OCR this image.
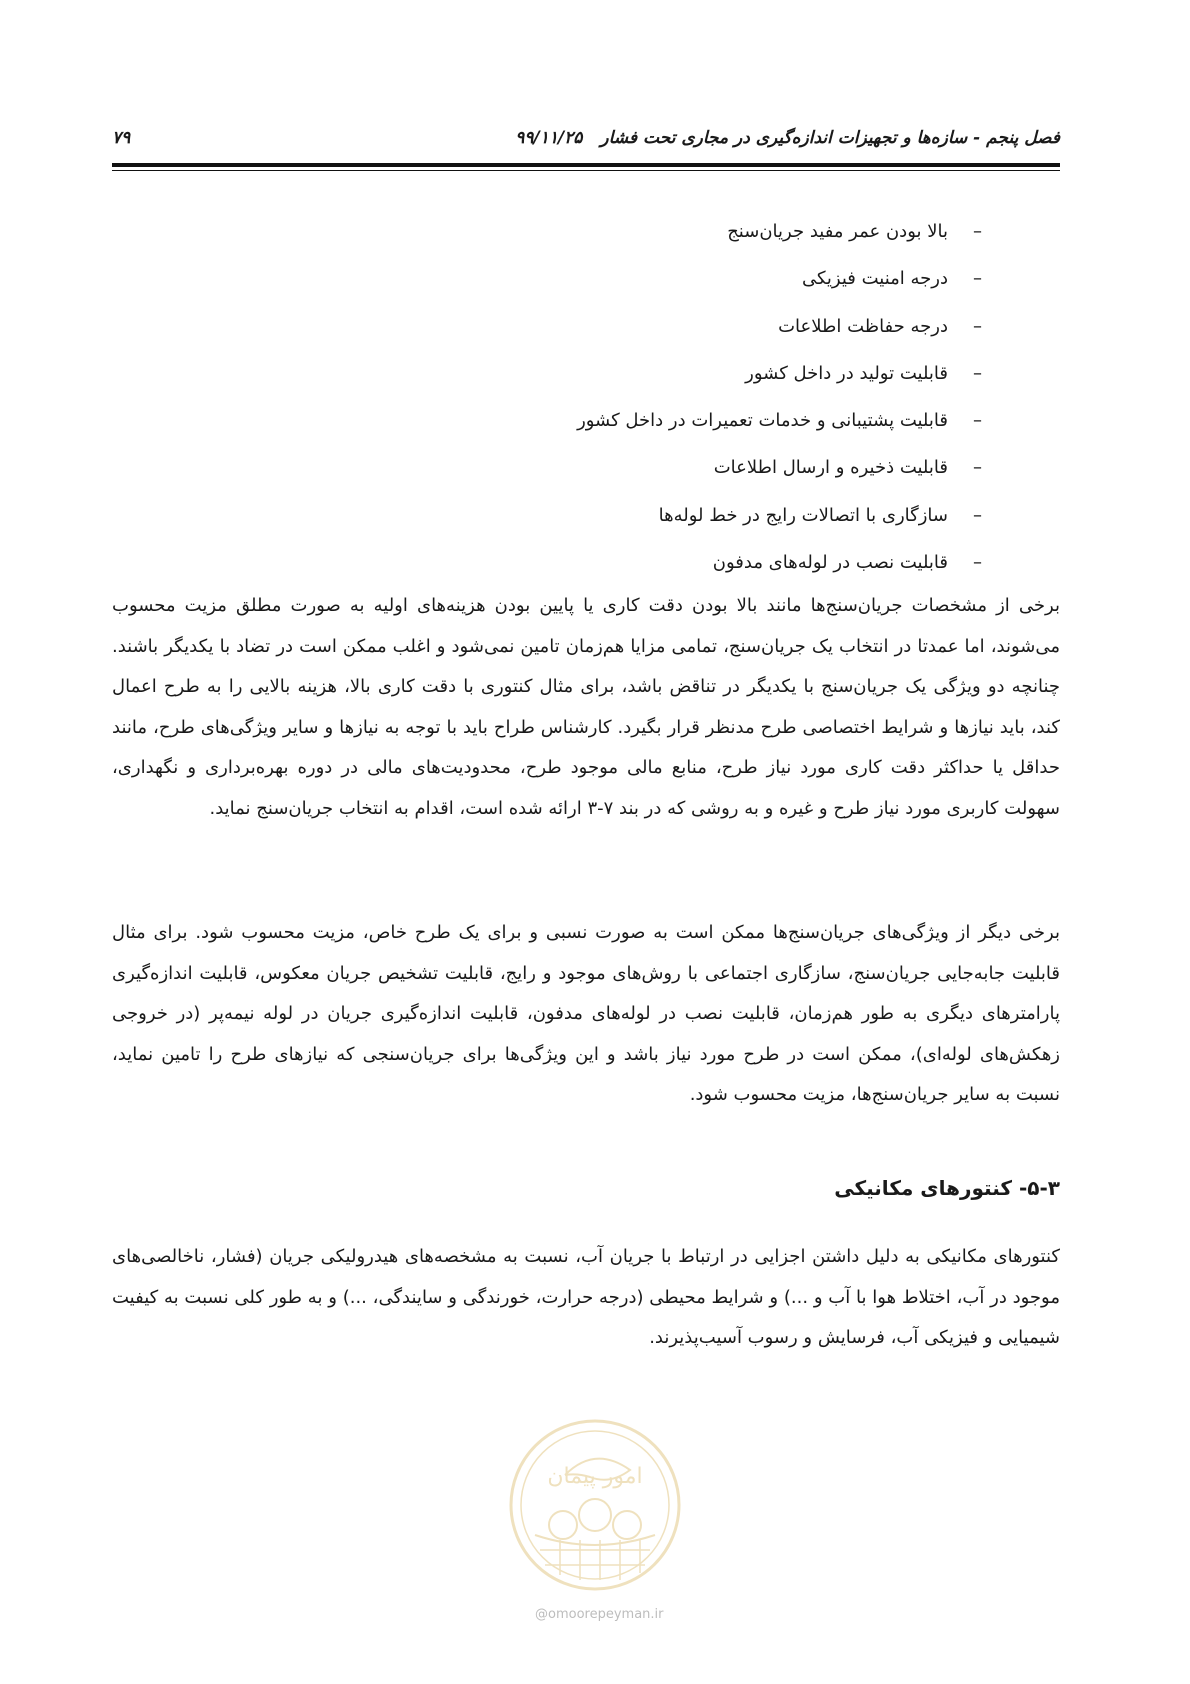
فصل پنجم - سازه‌ها و تجهیزات اندازه‌گیری در مجاری تحت فشار۹۹/۱۱/۲۵
۷۹
–بالا بودن عمر مفید جریان‌سنج
–درجه امنیت فیزیکی
–درجه حفاظت اطلاعات
–قابلیت تولید در داخل کشور
–قابلیت پشتیبانی و خدمات تعمیرات در داخل کشور
–قابلیت ذخیره و ارسال اطلاعات
–سازگاری با اتصالات رایج در خط لوله‌ها
–قابلیت نصب در لوله‌های مدفون

برخی از مشخصات جریان‌سنج‌ها مانند بالا بودن دقت کاری یا پایین بودن هزینه‌های اولیه به صورت مطلق مزیت محسوب می‌شوند، اما عمدتا در انتخاب یک جریان‌سنج، تمامی مزایا هم‌زمان تامین نمی‌شود و اغلب ممکن است در تضاد با یکدیگر باشند. چنانچه دو ویژگی یک جریان‌سنج با یکدیگر در تناقض باشد، برای مثال کنتوری با دقت کاری بالا، هزینه بالایی را به طرح اعمال کند، باید نیازها و شرایط اختصاصی طرح مدنظر قرار بگیرد. کارشناس طراح باید با توجه به نیازها و سایر ویژگی‌های طرح، مانند حداقل یا حداکثر دقت کاری مورد نیاز طرح، منابع مالی موجود طرح، محدودیت‌های مالی در دوره بهره‌برداری و نگهداری، سهولت کاربری مورد نیاز طرح و غیره و به روشی که در بند ۷-۳ ارائه شده است، اقدام به انتخاب جریان‌سنج نماید.

برخی دیگر از ویژگی‌های جریان‌سنج‌ها ممکن است به صورت نسبی و برای یک طرح خاص، مزیت محسوب شود. برای مثال قابلیت جابه‌جایی جریان‌سنج، سازگاری اجتماعی با روش‌های موجود و رایج، قابلیت تشخیص جریان معکوس، قابلیت اندازه‌گیری پارامترهای دیگری به طور هم‌زمان، قابلیت نصب در لوله‌های مدفون، قابلیت اندازه‌گیری جریان در لوله نیمه‌پر (در خروجی زهکش‌های لوله‌ای)، ممکن است در طرح مورد نیاز باشد و این ویژگی‌ها برای جریان‌سنجی که نیازهای طرح را تامین نماید، نسبت به سایر جریان‌سنج‌ها، مزیت محسوب شود.

۵-۳- کنتورهای مکانیکی

کنتورهای مکانیکی به دلیل داشتن اجزایی در ارتباط با جریان آب، نسبت به مشخصه‌های هیدرولیکی جریان (فشار، ناخالصی‌های موجود در آب، اختلاط هوا با آب و ...) و شرایط محیطی (درجه حرارت، خورندگی و سایندگی، ...) و به طور کلی نسبت به کیفیت شیمیایی و فیزیکی آب، فرسایش و رسوب آسیب‌پذیرند.

امور پیمان
@omoorepeyman.ir
